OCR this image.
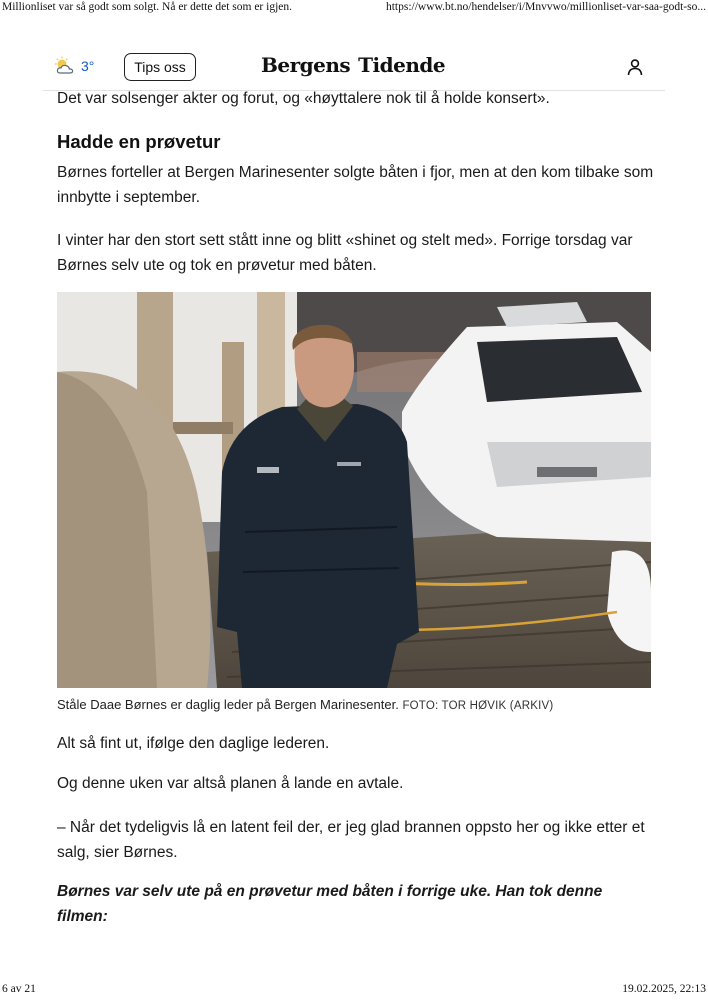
Millionliset var så godt som solgt. Nå er dette det som er igjen.	https://www.bt.no/hendelser/i/Mnvvwo/millionliset-var-saa-godt-so...
3°	Tips oss	Bergens Tidende

Det var solsenger akter og forut, og «høyttalere nok til å holde konsert».

Hadde en prøvetur

Børnes forteller at Bergen Marinesenter solgte båten i fjor, men at den kom tilbake som innbytte i september.

I vinter har den stort sett stått inne og blitt «shinet og stelt med». Forrige torsdag var Børnes selv ute og tok en prøvetur med båten.

Ståle Daae Børnes er daglig leder på Bergen Marinesenter. FOTO: TOR HØVIK (ARKIV)

Alt så fint ut, ifølge den daglige lederen.

Og denne uken var altså planen å lande en avtale.

– Når det tydeligvis lå en latent feil der, er jeg glad brannen oppsto her og ikke etter et salg, sier Børnes.

Børnes var selv ute på en prøvetur med båten i forrige uke. Han tok denne filmen:

6 av 21	19.02.2025, 22:13
